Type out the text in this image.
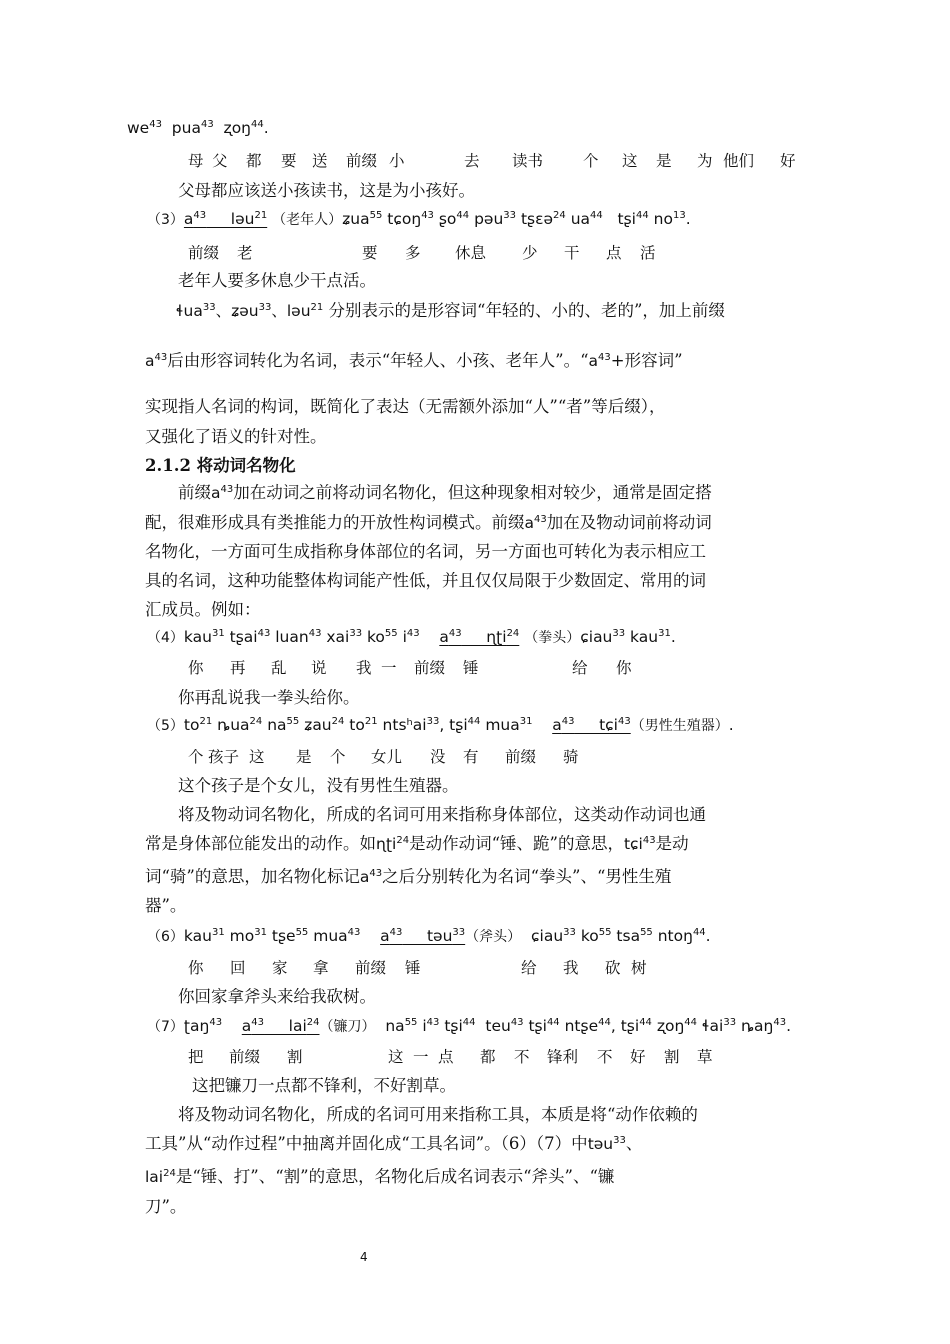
$we^{43}$  pua$^{43}$  ʐoŋ$^{44}$.
母 父 都 要 送 前缀 小	去 读书	个 这 是 为 他们 好
父母都应该送小孩读书，这是为小孩好。
$(3)a^{43}$     ləu$^{21}$ （老年人）ʑua$^{55}$ tɕoŋ$^{43}$ ʂo$^{44}$ pəu$^{33}$ tʂɛə$^{24}$ $ua^{44}$   tʂi$^{44}$ $no^{13}$.
前缀 老	要 多 休息 少 干 点 活
老年人要多休息少干点活。
ɬua$^{33}$、ʑəu$^{33}$、ləu$^{21}$ 分别表示的是形容词“年轻的、小的、老的”，加上前缀
$a^{43}$后由形容词转化为名词，表示“年轻人、小孩、老年人”。“$a^{43}+$形容词”
实现指人名词的构词，既简化了表达（无需额外添加“人”“者”等后缀），
又强化了语义的针对性。
2.1.2 将动词名物化
前缀$a^{43}$加在动词之前将动词名物化，但这种现象相对较少，通常是固定搭
配，很难形成具有类推能力的开放性构词模式。前缀$a^{43}$加在及物动词前将动词
名物化，一方面可生成指称身体部位的名词，另一方面也可转化为表示相应工
具的名词，这种功能整体构词能产性低，并且仅仅局限于少数固定、常用的词
汇成员。例如：
（4）kau$^{31}$ tʂai$^{43}$ luan$^{43}$ xai$^{33}$ $ko^{55}$ $i^{43}$ $a^{43}$     ɳʈi$^{24}$ （拳头）ɕiau$^{33}$ kau$^{31}$.
你 再 乱 说 我 一 前缀 锤	给 你
你再乱说我一拳头给你。
$(5)to^{21}$ ȵua$^{24}$ $na^{55}$ ʑau$^{24}$ $to^{21}$ ntsʰai$^{33}$, tʂi$^{44}$ mua$^{31}$ $a^{43}$     tɕi$^{43}$（男性生殖器）.
个 孩子 这 是 个 女儿 没 有 前缀 骑
这个孩子是个女儿，没有男性生殖器。
将及物动词名物化，所成的名词可用来指称身体部位，这类动作动词也通
常是身体部位能发出的动作。如ɳʈi$^{24}$是动作动词“锤、跪”的意思，tɕi$^{43}$是动
词“骑”的意思，加名物化标记$a^{43}$之后分别转化为名词“拳头”、“男性生殖
器”。
（6）kau$^{31}$ $mo^{31}$ tʂe$^{55}$ mua$^{43}$ $a^{43}$     təu$^{33}$（斧头）  ɕiau$^{33}$ $ko^{55}$ tsa$^{55}$ ntoŋ$^{44}$.
你 回 家 拿 前缀 锤	给 我 砍 树
你回家拿斧头来给我砍树。
（7）ʈaŋ$^{43}$ $a^{43}$     lai$^{24}$（镰刀）  $na^{55}$ $i^{43}$ tʂi$^{44}$  teu$^{43}$ tʂi$^{44}$ ntʂe$^{44}$, tʂi$^{44}$ ʐoŋ$^{44}$ ɬai$^{33}$ ȵaŋ$^{43}$.
把 前缀 割	这 一 点 都 不 锋利 不 好 割 草
这把镰刀一点都不锋利，不好割草。
将及物动词名物化，所成的名词可用来指称工具，本质是将“动作依赖的
工具”从“动作过程”中抽离并固化成“工具名词”。（6）（7）中təu$^{33}$、
lai$^{24}$是“锤、打”、“割”的意思，名物化后成名词表示“斧头”、“镰
刀”。
4
